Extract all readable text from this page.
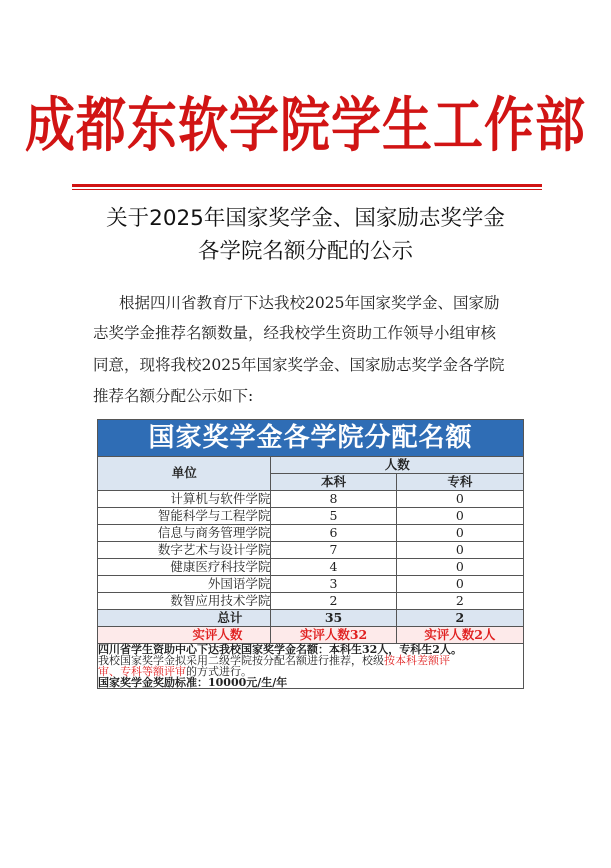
成都东软学院学生工作部
关于2025年国家奖学金、国家励志奖学金
各学院名额分配的公示
根据四川省教育厅下达我校2025年国家奖学金、国家励
志奖学金推荐名额数量，经我校学生资助工作领导小组审核
同意，现将我校2025年国家奖学金、国家励志奖学金各学院
推荐名额分配公示如下:
国家奖学金各学院分配名额		
单位	人数	
	本科	专科
计算机与软件学院	8	0
智能科学与工程学院	5	0
信息与商务管理学院	6	0
数字艺术与设计学院	7	0
健康医疗科技学院	4	0
外国语学院	3	0
数智应用技术学院	2	2
总计	35	2
实评人数	实评人数32	实评人数2人

四川省学生资助中心下达我校国家奖学金名额：本科生32人，专科生2人。
我校国家奖学金拟采用二级学院按分配名额进行推荐，校级按本科差额评
审、专科等额评审的方式进行。
国家奖学金奖励标准：10000元/生/年		
